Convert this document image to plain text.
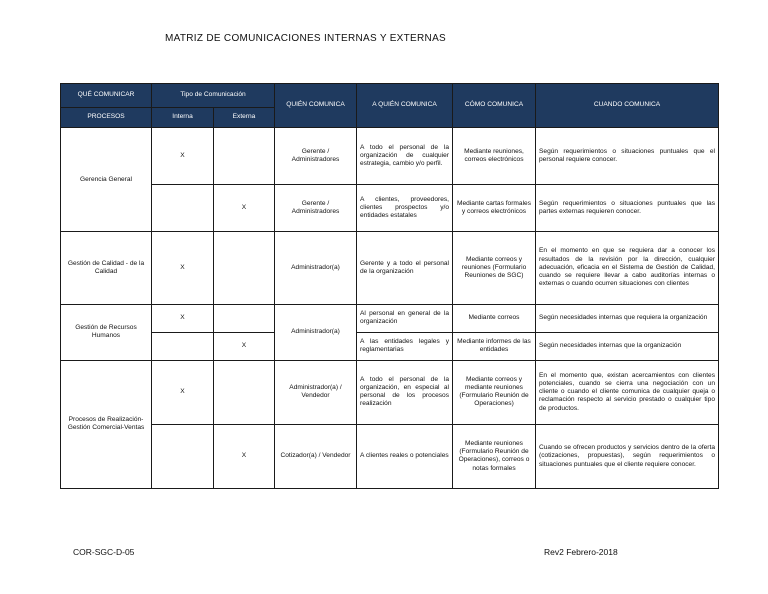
MATRIZ DE COMUNICACIONES INTERNAS Y EXTERNAS
QUÉ COMUNICAR	Tipo de Comunicación		QUIÉN COMUNICA	A QUIÉN COMUNICA	CÓMO COMUNICA	CUANDO COMUNICA
PROCESOS	Interna	Externa				
Gerencia General	X		Gerente / Administradores	A todo el personal de la organización de cualquier estrategia, cambio y/o perfil.	Mediante reuniones, correos electrónicos	Según requerimientos o situaciones puntuales que el personal requiere conocer.
		X	Gerente / Administradores	A clientes, proveedores, clientes prospectos y/o entidades estatales	Mediante cartas formales y correos electrónicos	Según requerimientos o situaciones puntuales que las partes externas requieren conocer.
Gestión de Calidad - de la Calidad	X		Administrador(a)	Gerente y a todo el personal de la organización	Mediante correos y reuniones (Formulario Reuniones de SGC)	En el momento en que se requiera dar a conocer los resultados de la revisión por la dirección, cualquier adecuación, eficacia en el Sistema de Gestión de Calidad, cuando se requiere llevar a cabo auditorías internas o externas o cuando ocurren situaciones con clientes
Gestión de Recursos Humanos	X		Administrador(a)	Al personal en general de la organización	Mediante correos	Según necesidades internas que requiera la organización
		X		A las entidades legales y reglamentarias	Mediante informes de las entidades	Según necesidades internas que la organización
Procesos de Realización-Gestión Comercial-Ventas	X		Administrador(a) / Vendedor	A todo el personal de la organización, en especial al personal de los procesos realización	Mediante correos y mediante reuniones (Formulario Reunión de Operaciones)	En el momento que, existan acercamientos con clientes potenciales, cuando se cierra una negociación con un cliente o cuando el cliente comunica de cualquier queja o reclamación respecto al servicio prestado o cualquier tipo de productos.
		X	Cotizador(a) / Vendedor	A clientes reales o potenciales	Mediante reuniones (Formulario Reunión de Operaciones), correos o notas formales	Cuando se ofrecen productos y servicios dentro de la oferta (cotizaciones, propuestas), según requerimientos o situaciones puntuales que el cliente requiere conocer.
COR-SGC-D-05	Rev2 Febrero-2018
